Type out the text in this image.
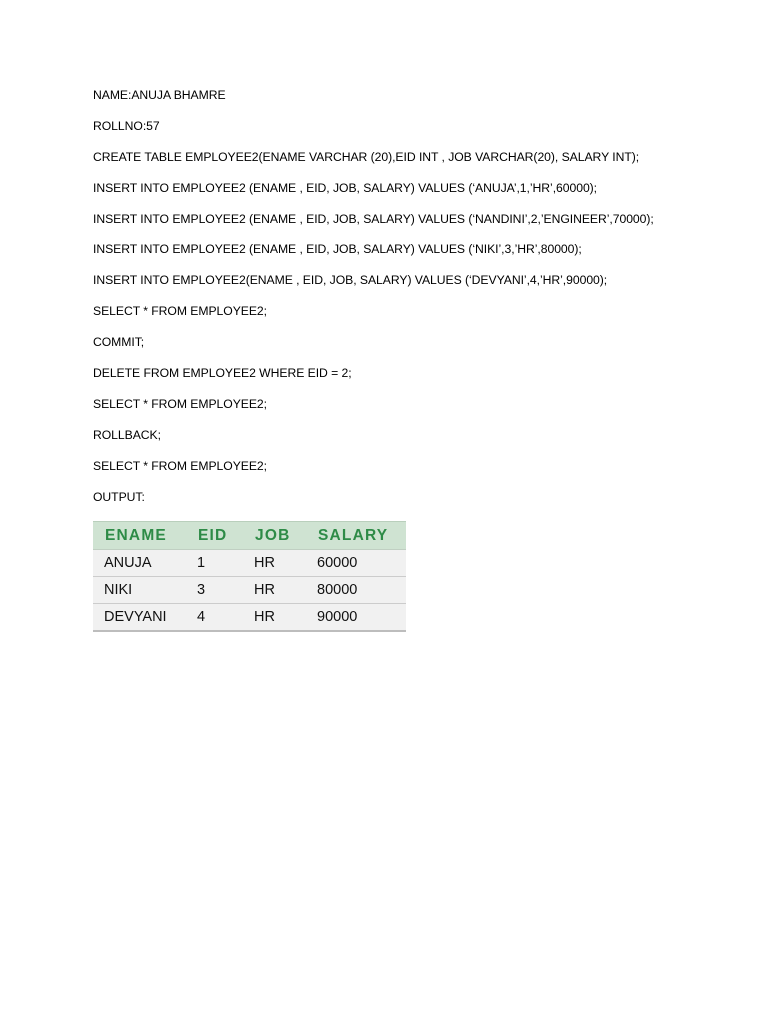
NAME:ANUJA BHAMRE
ROLLNO:57
CREATE TABLE EMPLOYEE2(ENAME VARCHAR (20),EID INT , JOB VARCHAR(20), SALARY INT);
INSERT INTO EMPLOYEE2 (ENAME , EID, JOB, SALARY) VALUES (‘ANUJA’,1,’HR’,60000);
INSERT INTO EMPLOYEE2 (ENAME , EID, JOB, SALARY) VALUES (‘NANDINI’,2,’ENGINEER’,70000);
INSERT INTO EMPLOYEE2 (ENAME , EID, JOB, SALARY) VALUES (‘NIKI’,3,’HR’,80000);
INSERT INTO EMPLOYEE2(ENAME , EID, JOB, SALARY) VALUES (‘DEVYANI’,4,’HR’,90000);
SELECT * FROM EMPLOYEE2;
COMMIT;
DELETE FROM EMPLOYEE2 WHERE EID = 2;
SELECT * FROM EMPLOYEE2;
ROLLBACK;
SELECT * FROM EMPLOYEE2;
OUTPUT:
ENAME	EID	JOB	SALARY
ANUJA	1	HR	60000
NIKI	3	HR	80000
DEVYANI	4	HR	90000
